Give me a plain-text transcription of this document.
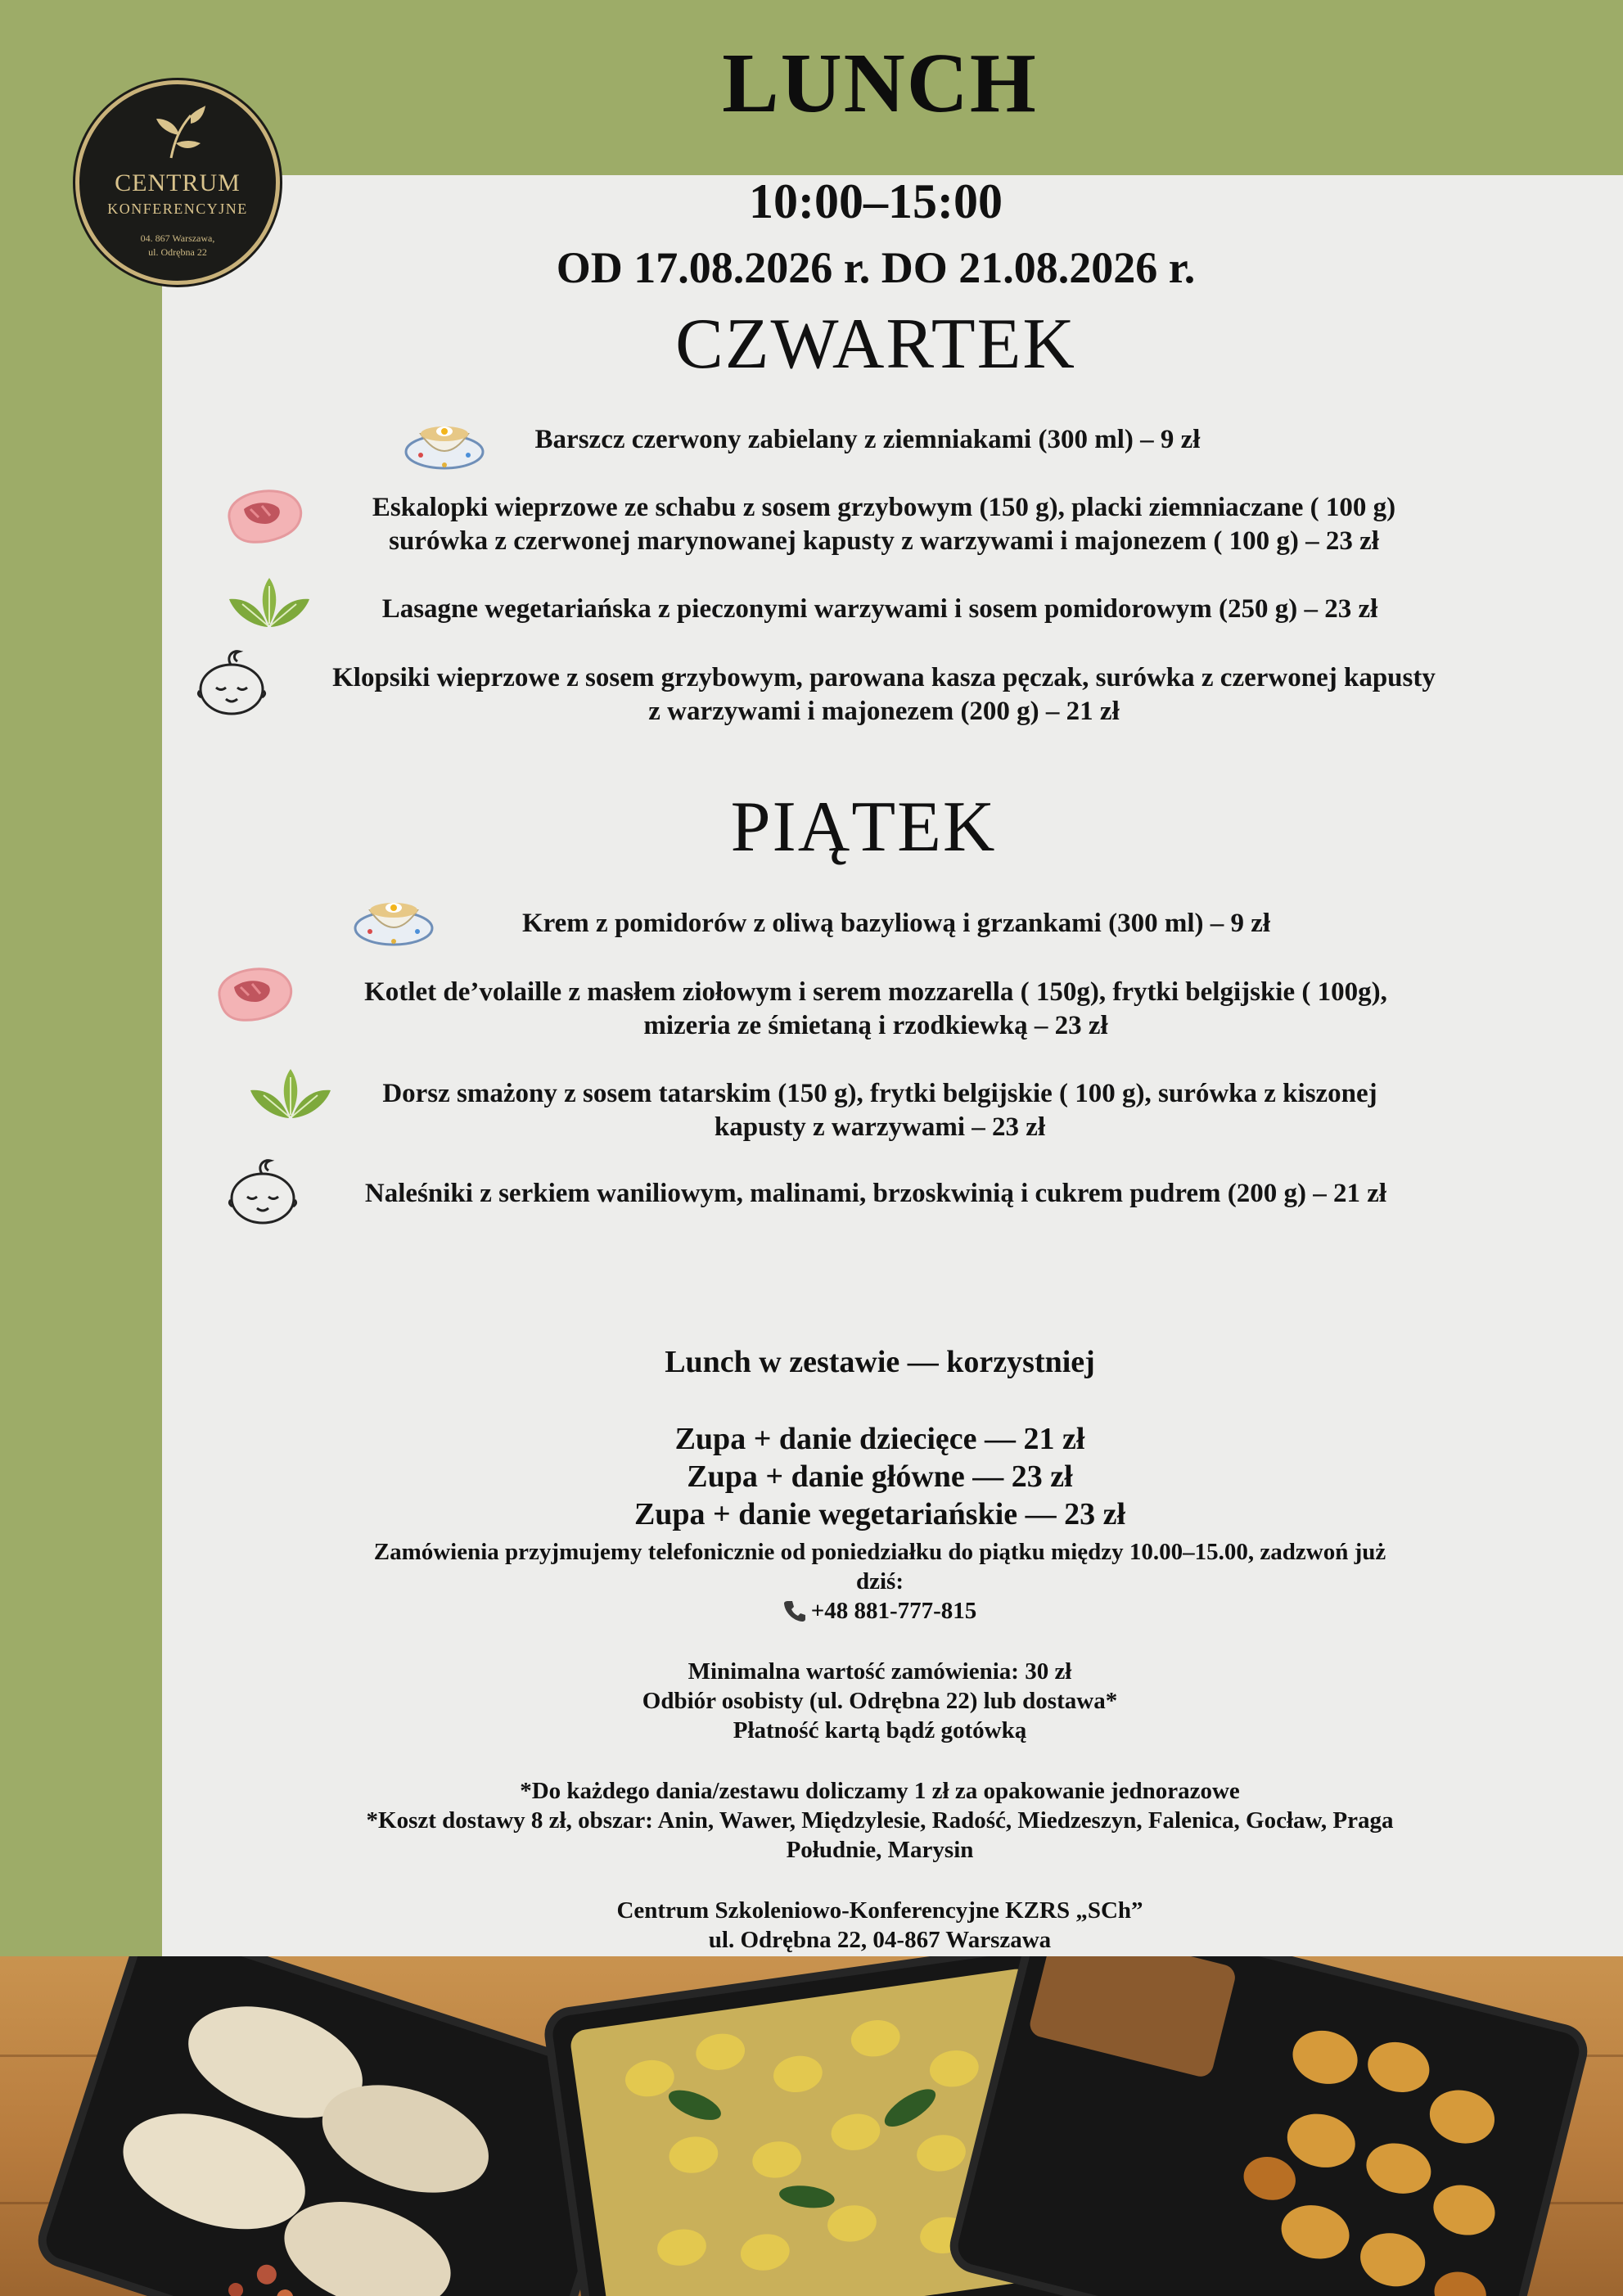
LUNCH
CENTRUM
KONFERENCYJNE
04. 867 Warszawa,
ul. Odrębna 22
10:00–15:00
OD 17.08.2026 r. DO 21.08.2026 r.
CZWARTEK
Barszcz czerwony zabielany z ziemniakami (300 ml) – 9 zł
Eskalopki wieprzowe ze schabu z sosem grzybowym (150 g), placki ziemniaczane ( 100 g)
surówka z czerwonej marynowanej kapusty z warzywami i majonezem ( 100 g) – 23 zł
Lasagne wegetariańska z pieczonymi warzywami i sosem pomidorowym (250 g) – 23 zł
Klopsiki wieprzowe z sosem grzybowym, parowana kasza pęczak, surówka z czerwonej kapusty
z warzywami i majonezem (200 g) – 21 zł
PIĄTEK
Krem z pomidorów z oliwą bazyliową i grzankami (300 ml) – 9 zł
Kotlet de’volaille z masłem ziołowym i serem mozzarella ( 150g), frytki belgijskie ( 100g),
mizeria ze śmietaną i rzodkiewką – 23 zł
Dorsz smażony z sosem tatarskim (150 g), frytki belgijskie ( 100 g), surówka z kiszonej
kapusty z warzywami – 23 zł
Naleśniki z serkiem waniliowym, malinami, brzoskwinią i cukrem pudrem (200 g) – 21 zł
Lunch w zestawie — korzystniej
Zupa + danie dziecięce — 21 zł
Zupa + danie główne — 23 zł
Zupa + danie wegetariańskie — 23 zł
Zamówienia przyjmujemy telefonicznie od poniedziałku do piątku między 10.00–15.00, zadzwoń już
dziś:
+48 881-777-815
Minimalna wartość zamówienia: 30 zł
Odbiór osobisty (ul. Odrębna 22) lub dostawa*
Płatność kartą bądź gotówką
*Do każdego dania/zestawu doliczamy 1 zł za opakowanie jednorazowe
*Koszt dostawy 8 zł, obszar: Anin, Wawer, Międzylesie, Radość, Miedzeszyn, Falenica, Gocław, Praga
Południe, Marysin
Centrum Szkoleniowo-Konferencyjne KZRS „SCh”
ul. Odrębna 22, 04-867 Warszawa
